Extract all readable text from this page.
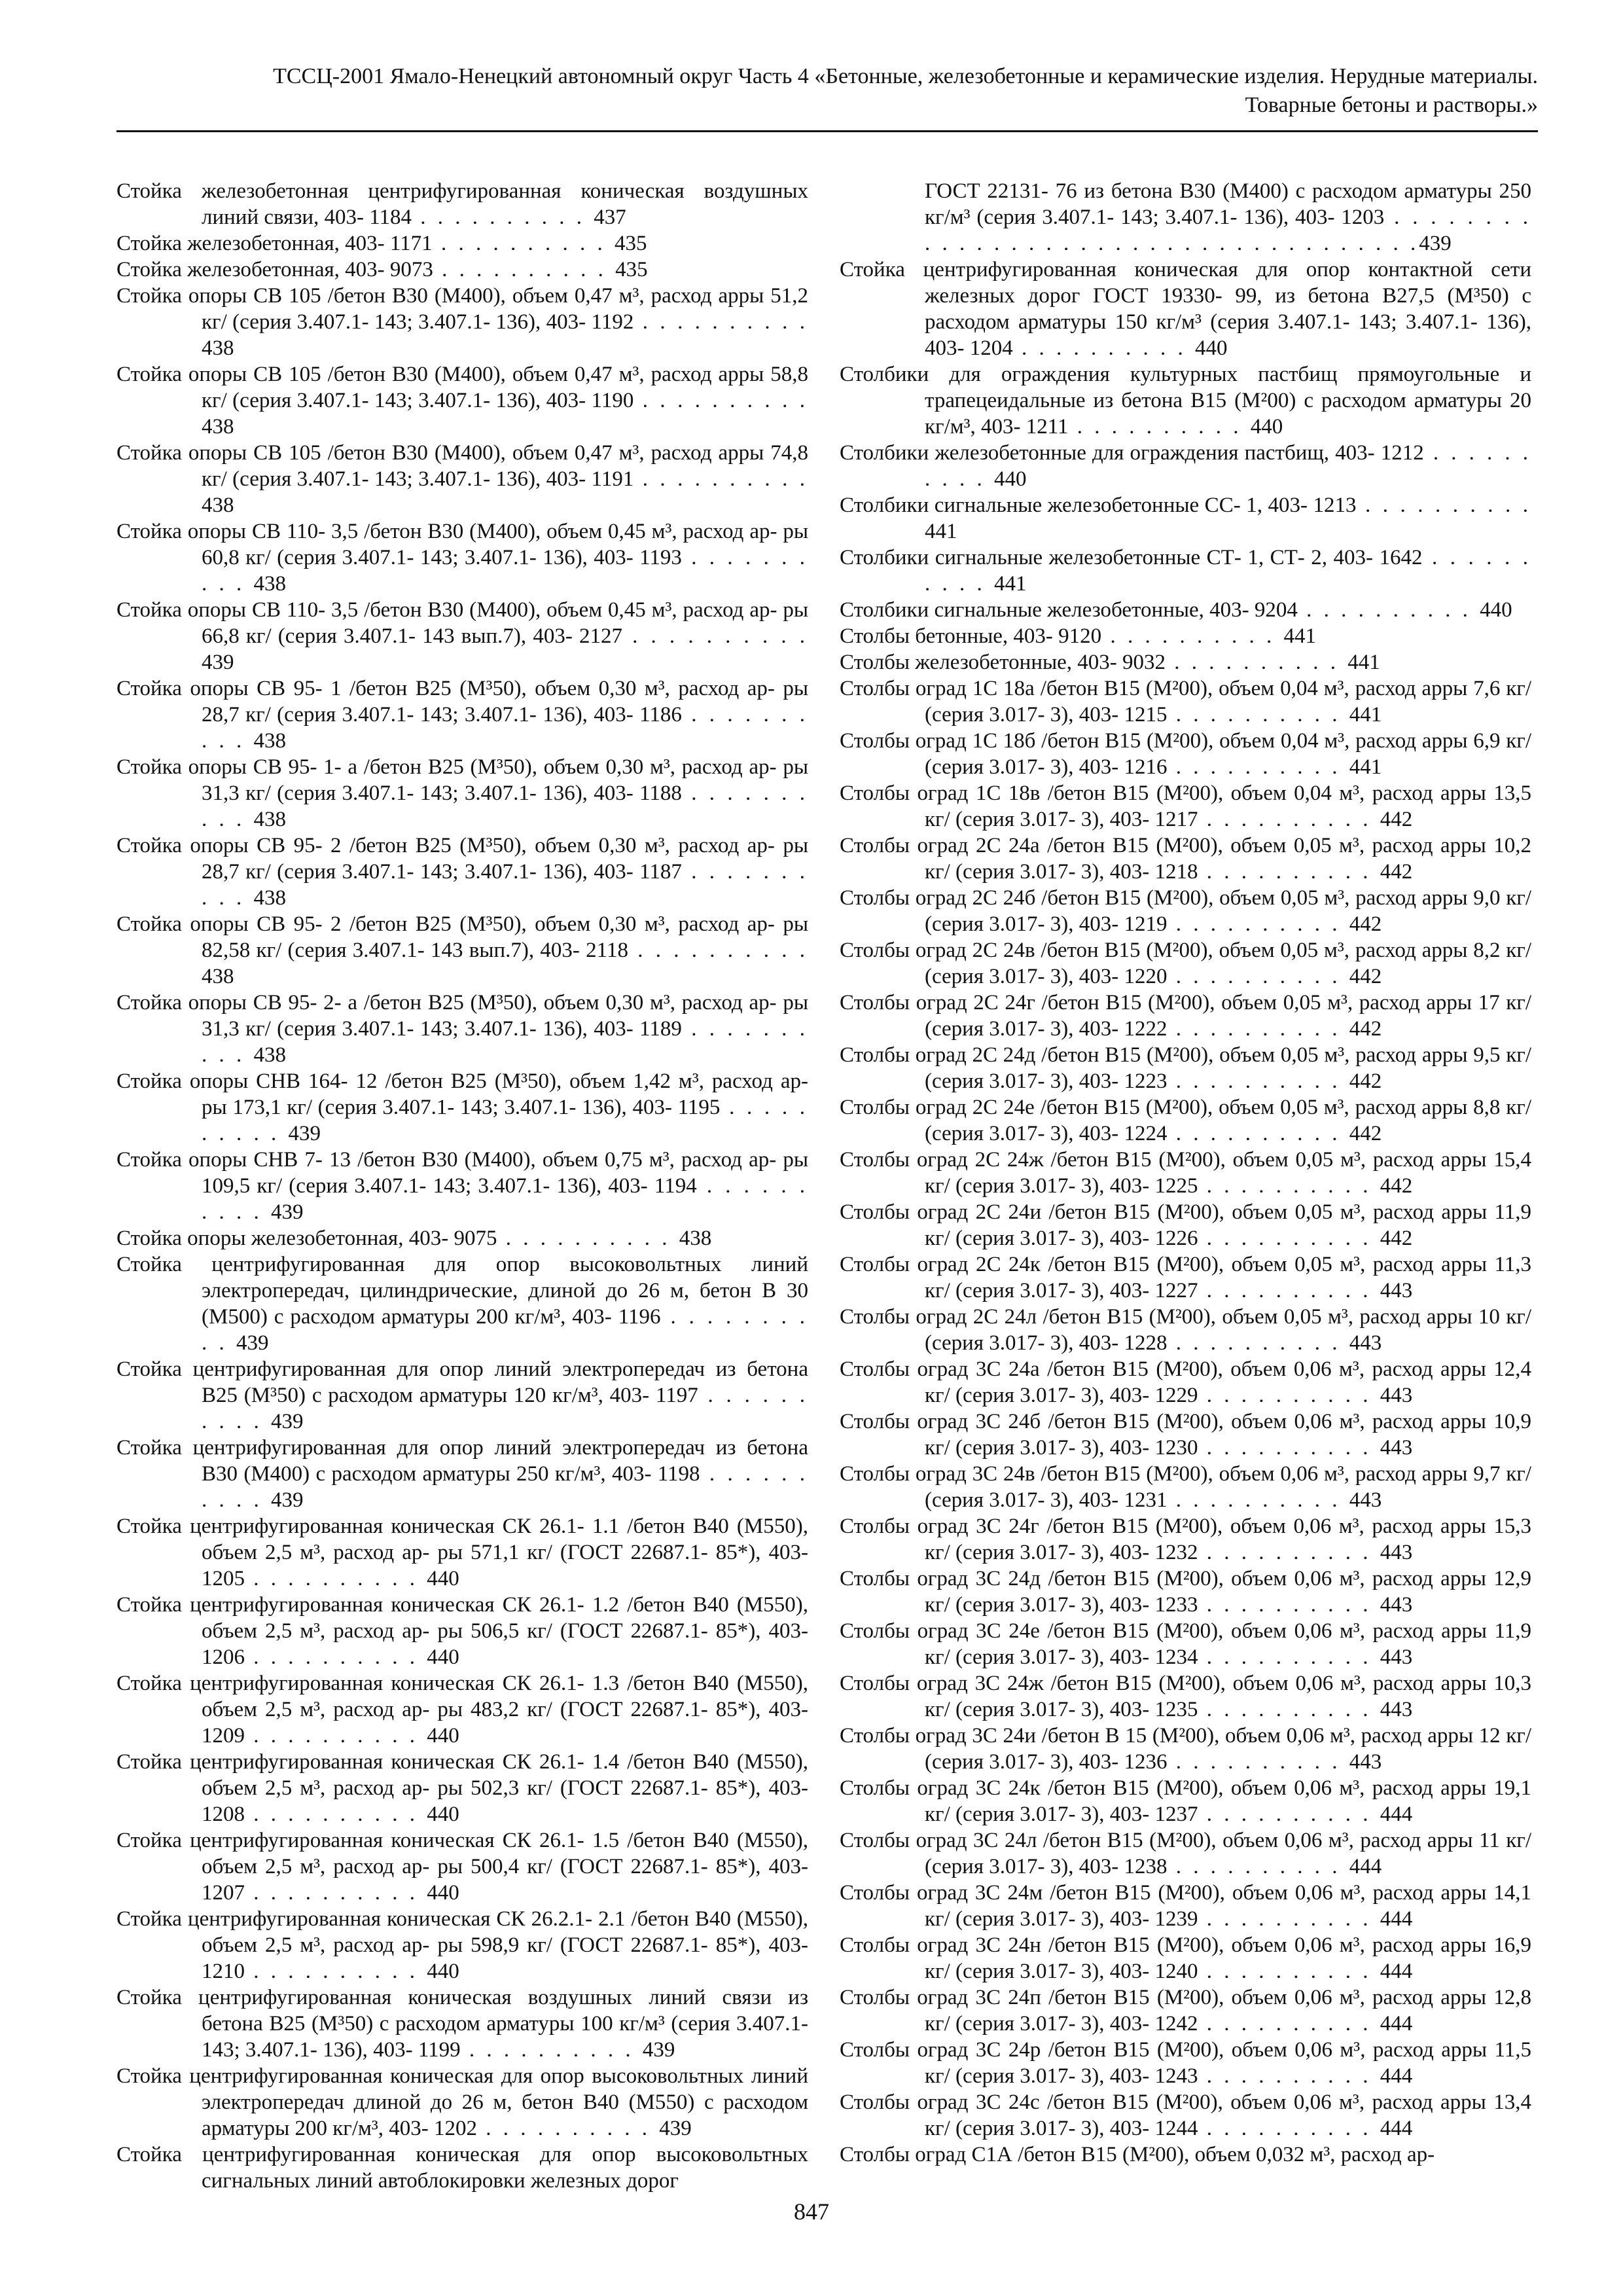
ТССЦ-2001 Ямало-Ненецкий автономный округ Часть 4 «Бетонные, железобетонные и керамические изделия. Нерудные материалы.
Товарные бетоны и растворы.»

Стойка железобетонная центрифугированная коническая воздушных линий связи, 403- 1184 . . . . . . . . . . 437

Стойка железобетонная, 403- 1171 . . . . . . . . . . 435

Стойка железобетонная, 403- 9073 . . . . . . . . . . 435

Стойка опоры СВ 105 /бетон В30 (М400), объем 0,47 м³, расход арры 51,2 кг/ (серия 3.407.1- 143; 3.407.1- 136), 403- 1192 . . . . . . . . . . 438

Стойка опоры СВ 105 /бетон В30 (М400), объем 0,47 м³, расход арры 58,8 кг/ (серия 3.407.1- 143; 3.407.1- 136), 403- 1190 . . . . . . . . . . 438

Стойка опоры СВ 105 /бетон В30 (М400), объем 0,47 м³, расход арры 74,8 кг/ (серия 3.407.1- 143; 3.407.1- 136), 403- 1191 . . . . . . . . . . 438

Стойка опоры СВ 110- 3,5 /бетон В30 (М400), объем 0,45 м³, расход ар- ры 60,8 кг/ (серия 3.407.1- 143; 3.407.1- 136), 403- 1193 . . . . . . . . . . 438

Стойка опоры СВ 110- 3,5 /бетон В30 (М400), объем 0,45 м³, расход ар- ры 66,8 кг/ (серия 3.407.1- 143 вып.7), 403- 2127 . . . . . . . . . . 439

Стойка опоры СВ 95- 1 /бетон В25 (М³50), объем 0,30 м³, расход ар- ры 28,7 кг/ (серия 3.407.1- 143; 3.407.1- 136), 403- 1186 . . . . . . . . . . 438

Стойка опоры СВ 95- 1- а /бетон В25 (М³50), объем 0,30 м³, расход ар- ры 31,3 кг/ (серия 3.407.1- 143; 3.407.1- 136), 403- 1188 . . . . . . . . . . 438

Стойка опоры СВ 95- 2 /бетон В25 (М³50), объем 0,30 м³, расход ар- ры 28,7 кг/ (серия 3.407.1- 143; 3.407.1- 136), 403- 1187 . . . . . . . . . . 438

Стойка опоры СВ 95- 2 /бетон В25 (М³50), объем 0,30 м³, расход ар- ры 82,58 кг/ (серия 3.407.1- 143 вып.7), 403- 2118 . . . . . . . . . . 438

Стойка опоры СВ 95- 2- а /бетон В25 (М³50), объем 0,30 м³, расход ар- ры 31,3 кг/ (серия 3.407.1- 143; 3.407.1- 136), 403- 1189 . . . . . . . . . . 438

Стойка опоры СНВ 164- 12 /бетон В25 (М³50), объем 1,42 м³, расход ар- ры 173,1 кг/ (серия 3.407.1- 143; 3.407.1- 136), 403- 1195 . . . . . . . . . . 439

Стойка опоры СНВ 7- 13 /бетон В30 (М400), объем 0,75 м³, расход ар- ры 109,5 кг/ (серия 3.407.1- 143; 3.407.1- 136), 403- 1194 . . . . . . . . . . 439

Стойка опоры железобетонная, 403- 9075 . . . . . . . . . . 438

Стойка центрифугированная для опор высоковольтных линий электропередач, цилиндрические, длиной до 26 м, бетон В 30 (М500) с расходом арматуры 200 кг/м³, 403- 1196 . . . . . . . . . . 439

Стойка центрифугированная для опор линий электропередач из бетона В25 (М³50) с расходом арматуры 120 кг/м³, 403- 1197 . . . . . . . . . . 439

Стойка центрифугированная для опор линий электропередач из бетона В30 (М400) с расходом арматуры 250 кг/м³, 403- 1198 . . . . . . . . . . 439

Стойка центрифугированная коническая СК 26.1- 1.1 /бетон В40 (М550), объем 2,5 м³, расход ар- ры 571,1 кг/ (ГОСТ 22687.1- 85*), 403- 1205 . . . . . . . . . . 440

Стойка центрифугированная коническая СК 26.1- 1.2 /бетон В40 (М550), объем 2,5 м³, расход ар- ры 506,5 кг/ (ГОСТ 22687.1- 85*), 403- 1206 . . . . . . . . . . 440

Стойка центрифугированная коническая СК 26.1- 1.3 /бетон В40 (М550), объем 2,5 м³, расход ар- ры 483,2 кг/ (ГОСТ 22687.1- 85*), 403- 1209 . . . . . . . . . . 440

Стойка центрифугированная коническая СК 26.1- 1.4 /бетон В40 (М550), объем 2,5 м³, расход ар- ры 502,3 кг/ (ГОСТ 22687.1- 85*), 403- 1208 . . . . . . . . . . 440

Стойка центрифугированная коническая СК 26.1- 1.5 /бетон В40 (М550), объем 2,5 м³, расход ар- ры 500,4 кг/ (ГОСТ 22687.1- 85*), 403- 1207 . . . . . . . . . . 440

Стойка центрифугированная коническая СК 26.2.1- 2.1 /бетон В40 (М550), объем 2,5 м³, расход ар- ры 598,9 кг/ (ГОСТ 22687.1- 85*), 403- 1210 . . . . . . . . . . 440

Стойка центрифугированная коническая воздушных линий связи из бетона В25 (М³50) с расходом арматуры 100 кг/м³ (серия 3.407.1- 143; 3.407.1- 136), 403- 1199 . . . . . . . . . . 439

Стойка центрифугированная коническая для опор высоковольтных линий электропередач длиной до 26 м, бетон В40 (М550) с расходом арматуры 200 кг/м³, 403- 1202 . . . . . . . . . . 439

Стойка центрифугированная коническая для опор высоковольтных сигнальных линий автоблокировки железных дорог

ГОСТ 22131- 76 из бетона В30 (М400) с расходом арматуры 250 кг/м³ (серия 3.407.1- 143; 3.407.1- 136), 403- 1203 . . . . . . . . . . . . . . . . . . . . . . . . . . . . . . . . . . . . .439

Стойка центрифугированная коническая для опор контактной сети железных дорог ГОСТ 19330- 99, из бетона В27,5 (М³50) с расходом арматуры 150 кг/м³ (серия 3.407.1- 143; 3.407.1- 136), 403- 1204 . . . . . . . . . . 440

Столбики для ограждения культурных пастбищ прямоугольные и трапецеидальные из бетона В15 (М²00) с расходом арматуры 20 кг/м³, 403- 1211 . . . . . . . . . . 440

Столбики железобетонные для ограждения пастбищ, 403- 1212 . . . . . . . . . . 440

Столбики сигнальные железобетонные СС- 1, 403- 1213 . . . . . . . . . . 441

Столбики сигнальные железобетонные СТ- 1, СТ- 2, 403- 1642 . . . . . . . . . . 441

Столбики сигнальные железобетонные, 403- 9204 . . . . . . . . . . 440

Столбы бетонные, 403- 9120 . . . . . . . . . . 441

Столбы железобетонные, 403- 9032 . . . . . . . . . . 441

Столбы оград 1С 18а /бетон В15 (М²00), объем 0,04 м³, расход арры 7,6 кг/ (серия 3.017- 3), 403- 1215 . . . . . . . . . . 441

Столбы оград 1С 18б /бетон В15 (М²00), объем 0,04 м³, расход арры 6,9 кг/ (серия 3.017- 3), 403- 1216 . . . . . . . . . . 441

Столбы оград 1С 18в /бетон В15 (М²00), объем 0,04 м³, расход арры 13,5 кг/ (серия 3.017- 3), 403- 1217 . . . . . . . . . . 442

Столбы оград 2С 24а /бетон В15 (М²00), объем 0,05 м³, расход арры 10,2 кг/ (серия 3.017- 3), 403- 1218 . . . . . . . . . . 442

Столбы оград 2С 24б /бетон В15 (М²00), объем 0,05 м³, расход арры 9,0 кг/ (серия 3.017- 3), 403- 1219 . . . . . . . . . . 442

Столбы оград 2С 24в /бетон В15 (М²00), объем 0,05 м³, расход арры 8,2 кг/ (серия 3.017- 3), 403- 1220 . . . . . . . . . . 442

Столбы оград 2С 24г /бетон В15 (М²00), объем 0,05 м³, расход арры 17 кг/ (серия 3.017- 3), 403- 1222 . . . . . . . . . . 442

Столбы оград 2С 24д /бетон В15 (М²00), объем 0,05 м³, расход арры 9,5 кг/ (серия 3.017- 3), 403- 1223 . . . . . . . . . . 442

Столбы оград 2С 24е /бетон В15 (М²00), объем 0,05 м³, расход арры 8,8 кг/ (серия 3.017- 3), 403- 1224 . . . . . . . . . . 442

Столбы оград 2С 24ж /бетон В15 (М²00), объем 0,05 м³, расход арры 15,4 кг/ (серия 3.017- 3), 403- 1225 . . . . . . . . . . 442

Столбы оград 2С 24и /бетон В15 (М²00), объем 0,05 м³, расход арры 11,9 кг/ (серия 3.017- 3), 403- 1226 . . . . . . . . . . 442

Столбы оград 2С 24к /бетон В15 (М²00), объем 0,05 м³, расход арры 11,3 кг/ (серия 3.017- 3), 403- 1227 . . . . . . . . . . 443

Столбы оград 2С 24л /бетон В15 (М²00), объем 0,05 м³, расход арры 10 кг/ (серия 3.017- 3), 403- 1228 . . . . . . . . . . 443

Столбы оград 3С 24а /бетон В15 (М²00), объем 0,06 м³, расход арры 12,4 кг/ (серия 3.017- 3), 403- 1229 . . . . . . . . . . 443

Столбы оград 3С 24б /бетон В15 (М²00), объем 0,06 м³, расход арры 10,9 кг/ (серия 3.017- 3), 403- 1230 . . . . . . . . . . 443

Столбы оград 3С 24в /бетон В15 (М²00), объем 0,06 м³, расход арры 9,7 кг/ (серия 3.017- 3), 403- 1231 . . . . . . . . . . 443

Столбы оград 3С 24г /бетон В15 (М²00), объем 0,06 м³, расход арры 15,3 кг/ (серия 3.017- 3), 403- 1232 . . . . . . . . . . 443

Столбы оград 3С 24д /бетон В15 (М²00), объем 0,06 м³, расход арры 12,9 кг/ (серия 3.017- 3), 403- 1233 . . . . . . . . . . 443

Столбы оград 3С 24е /бетон В15 (М²00), объем 0,06 м³, расход арры 11,9 кг/ (серия 3.017- 3), 403- 1234 . . . . . . . . . . 443

Столбы оград 3С 24ж /бетон В15 (М²00), объем 0,06 м³, расход арры 10,3 кг/ (серия 3.017- 3), 403- 1235 . . . . . . . . . . 443

Столбы оград 3С 24и /бетон В 15 (М²00), объем 0,06 м³, расход арры 12 кг/ (серия 3.017- 3), 403- 1236 . . . . . . . . . . 443

Столбы оград 3С 24к /бетон В15 (М²00), объем 0,06 м³, расход арры 19,1 кг/ (серия 3.017- 3), 403- 1237 . . . . . . . . . . 444

Столбы оград 3С 24л /бетон В15 (М²00), объем 0,06 м³, расход арры 11 кг/ (серия 3.017- 3), 403- 1238 . . . . . . . . . . 444

Столбы оград 3С 24м /бетон В15 (М²00), объем 0,06 м³, расход арры 14,1 кг/ (серия 3.017- 3), 403- 1239 . . . . . . . . . . 444

Столбы оград 3С 24н /бетон В15 (М²00), объем 0,06 м³, расход арры 16,9 кг/ (серия 3.017- 3), 403- 1240 . . . . . . . . . . 444

Столбы оград 3С 24п /бетон В15 (М²00), объем 0,06 м³, расход арры 12,8 кг/ (серия 3.017- 3), 403- 1242 . . . . . . . . . . 444

Столбы оград 3С 24р /бетон В15 (М²00), объем 0,06 м³, расход арры 11,5 кг/ (серия 3.017- 3), 403- 1243 . . . . . . . . . . 444

Столбы оград 3С 24с /бетон В15 (М²00), объем 0,06 м³, расход арры 13,4 кг/ (серия 3.017- 3), 403- 1244 . . . . . . . . . . 444

Столбы оград С1А /бетон В15 (М²00), объем 0,032 м³, расход ар-

847
